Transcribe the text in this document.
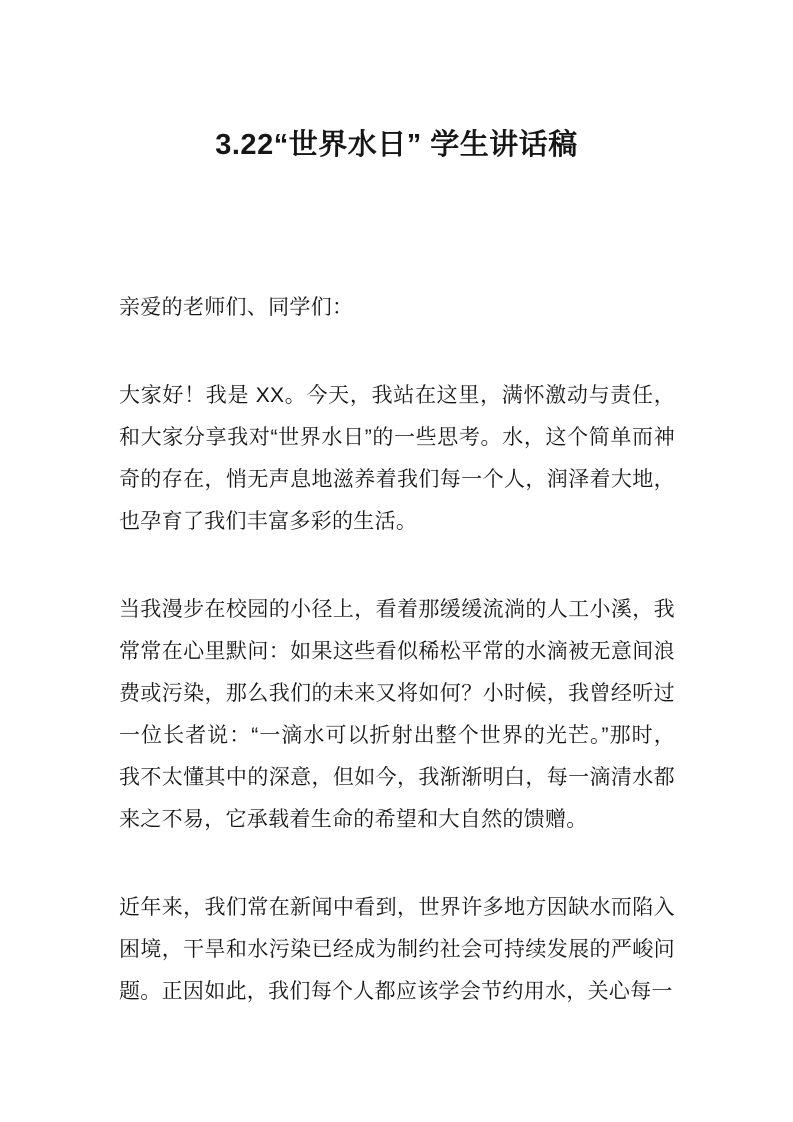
3.22“世界水日” 学生讲话稿

亲爱的老师们、同学们：

大家好！我是 XX。今天，我站在这里，满怀激动与责任，和大家分享我对“世界水日”的一些思考。水，这个简单而神奇的存在，悄无声息地滋养着我们每一个人，润泽着大地，也孕育了我们丰富多彩的生活。

当我漫步在校园的小径上，看着那缓缓流淌的人工小溪，我常常在心里默问：如果这些看似稀松平常的水滴被无意间浪费或污染，那么我们的未来又将如何？小时候，我曾经听过一位长者说：“一滴水可以折射出整个世界的光芒。”那时，我不太懂其中的深意，但如今，我渐渐明白，每一滴清水都来之不易，它承载着生命的希望和大自然的馈赠。

近年来，我们常在新闻中看到，世界许多地方因缺水而陷入困境，干旱和水污染已经成为制约社会可持续发展的严峻问题。正因如此，我们每个人都应该学会节约用水，关心每一
